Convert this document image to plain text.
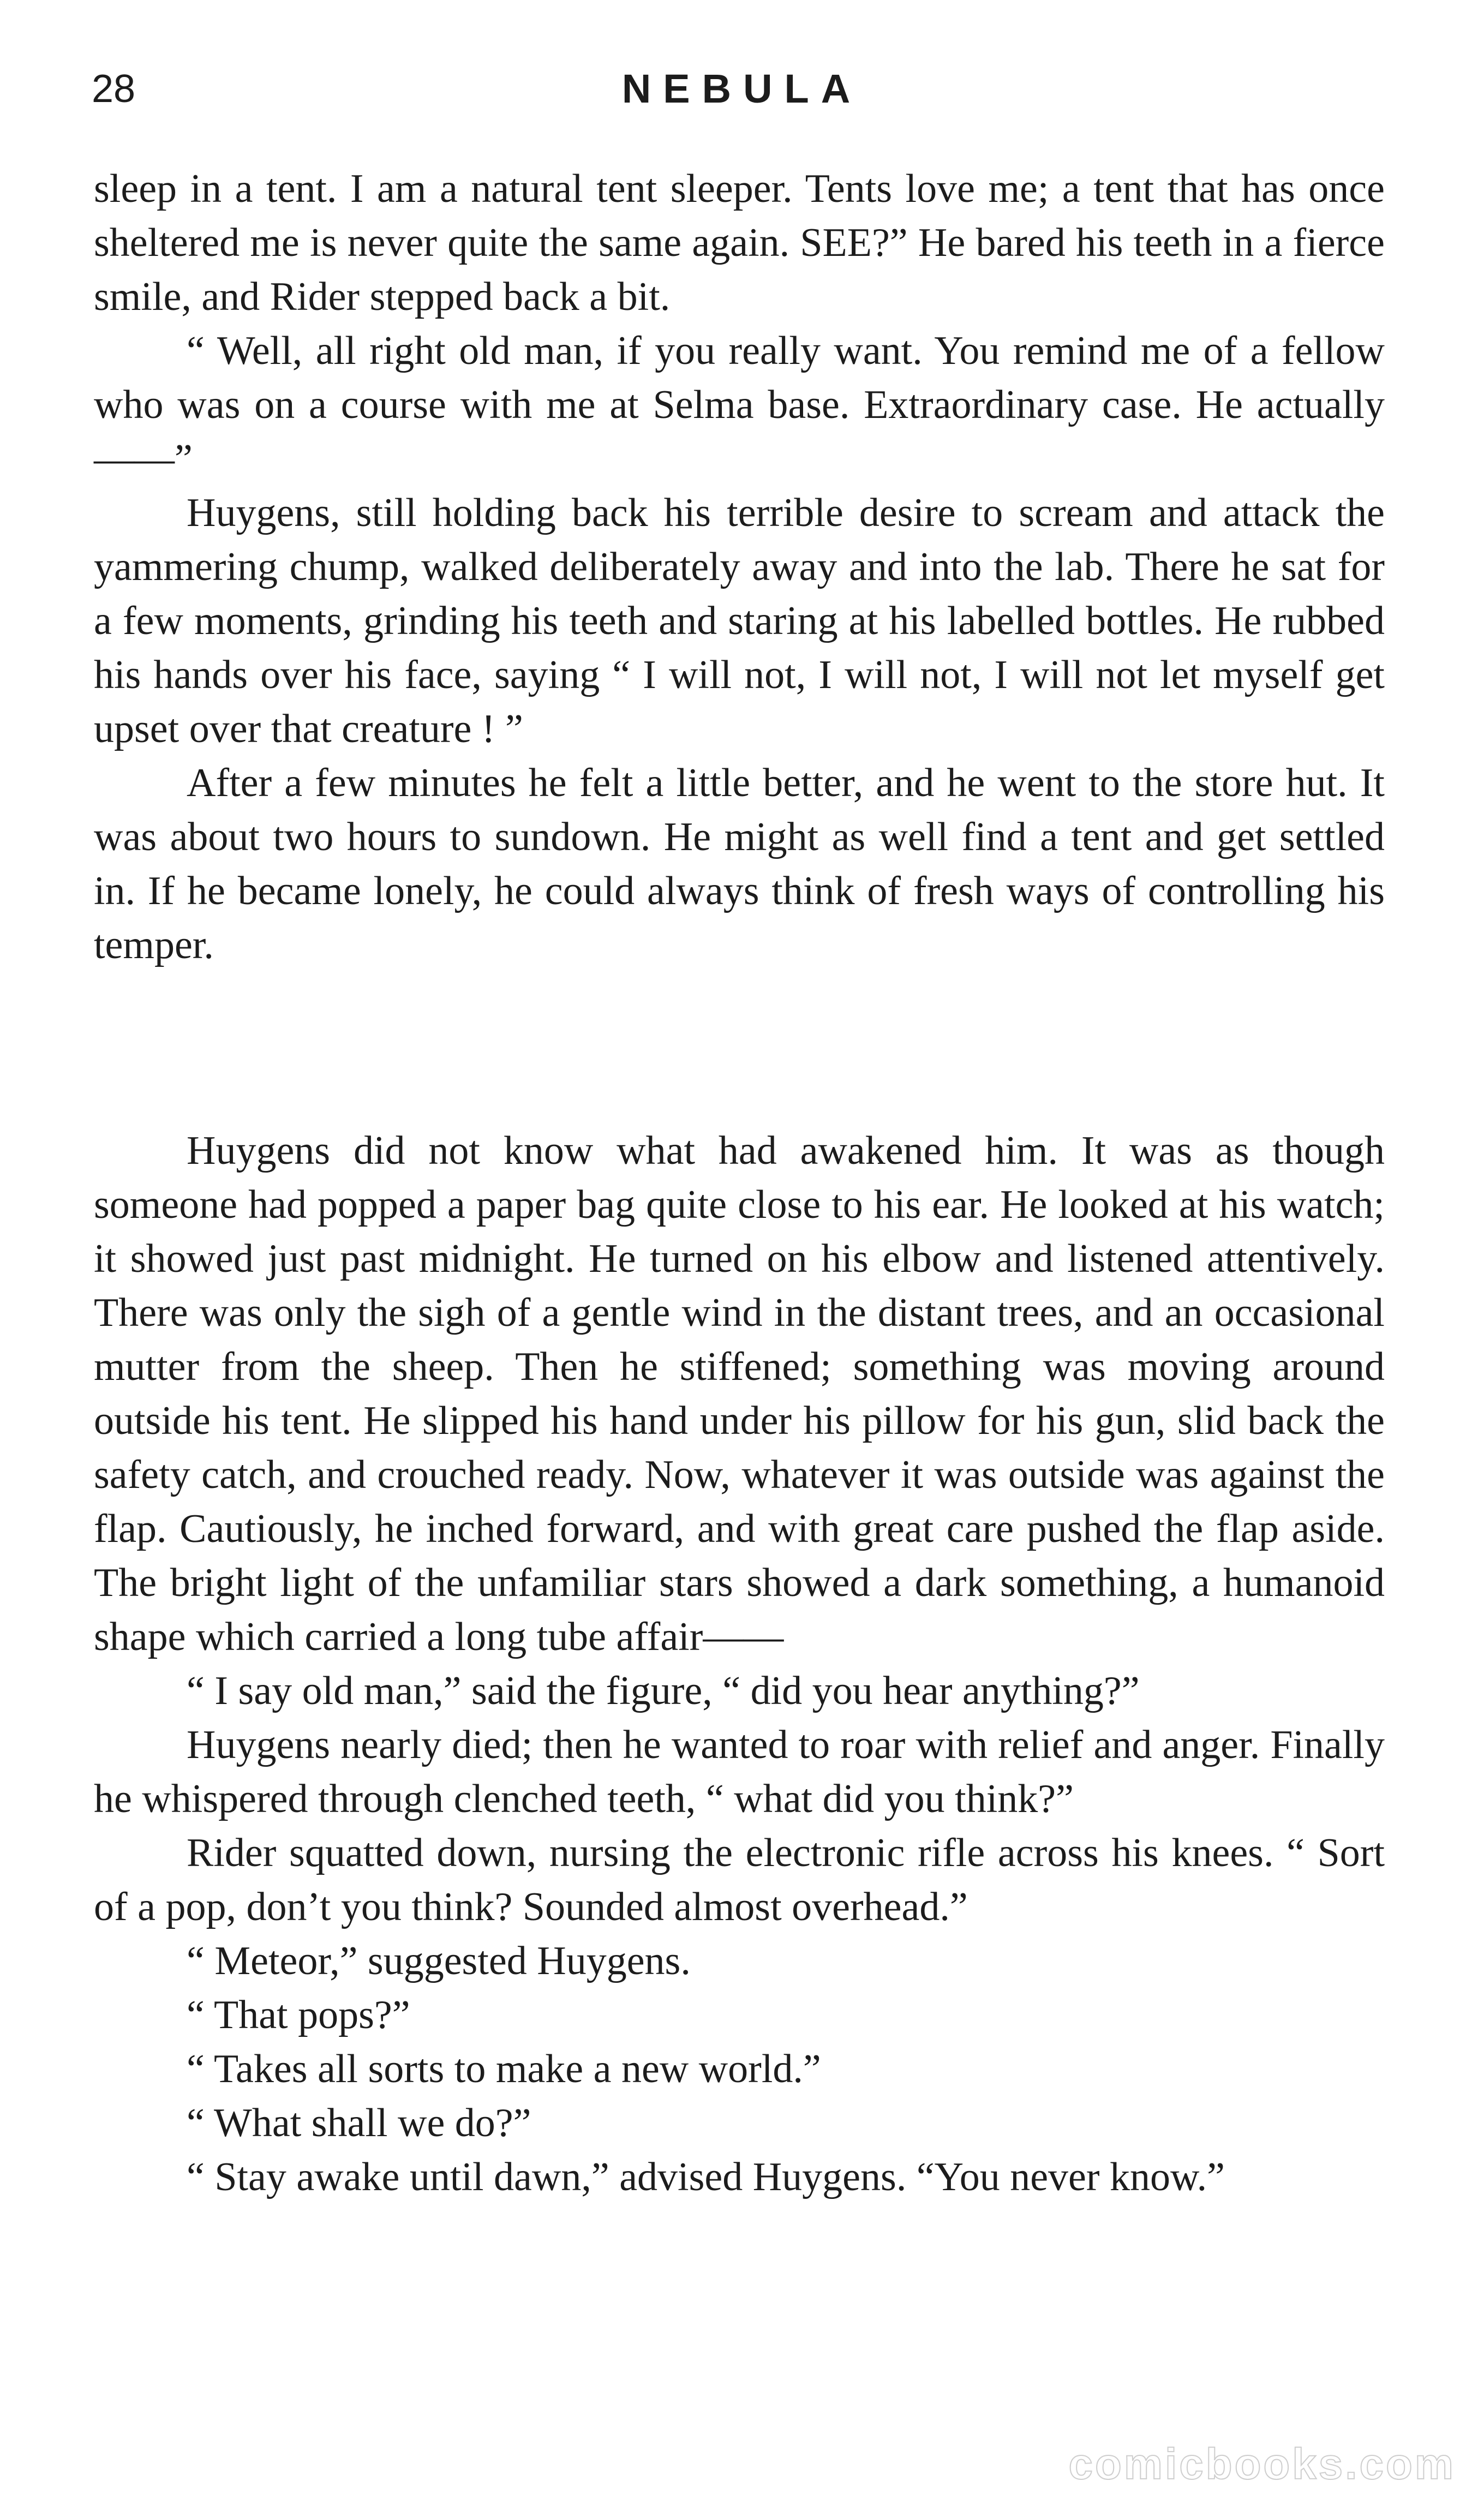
28	NEBULA

sleep in a tent. I am a natural tent sleeper. Tents love me; a tent that has once sheltered me is never quite the same again. SEE?” He bared his teeth in a fierce smile, and Rider stepped back a bit.

“ Well, all right old man, if you really want. You remind me of a fellow who was on a course with me at Selma base. Extraordinary case. He actually——”

Huygens, still holding back his terrible desire to scream and attack the yammering chump, walked deliberately away and into the lab. There he sat for a few moments, grinding his teeth and staring at his labelled bottles. He rubbed his hands over his face, saying “ I will not, I will not, I will not let myself get upset over that creature ! ”

After a few minutes he felt a little better, and he went to the store hut. It was about two hours to sundown. He might as well find a tent and get settled in. If he became lonely, he could always think of fresh ways of controlling his temper.

Huygens did not know what had awakened him. It was as though someone had popped a paper bag quite close to his ear. He looked at his watch; it showed just past midnight. He turned on his elbow and listened attentively. There was only the sigh of a gentle wind in the distant trees, and an occasional mutter from the sheep. Then he stiffened; something was moving around outside his tent. He slipped his hand under his pillow for his gun, slid back the safety catch, and crouched ready. Now, whatever it was outside was against the flap. Cautiously, he inched forward, and with great care pushed the flap aside. The bright light of the unfamiliar stars showed a dark something, a humanoid shape which carried a long tube affair——

“ I say old man,” said the figure, “ did you hear anything?”

Huygens nearly died; then he wanted to roar with relief and anger. Finally he whispered through clenched teeth, “ what did you think?”

Rider squatted down, nursing the electronic rifle across his knees. “ Sort of a pop, don’t you think? Sounded almost overhead.”

“ Meteor,” suggested Huygens.

“ That pops?”

“ Takes all sorts to make a new world.”

“ What shall we do?”

“ Stay awake until dawn,” advised Huygens. “You never know.”

comicbooks.com
